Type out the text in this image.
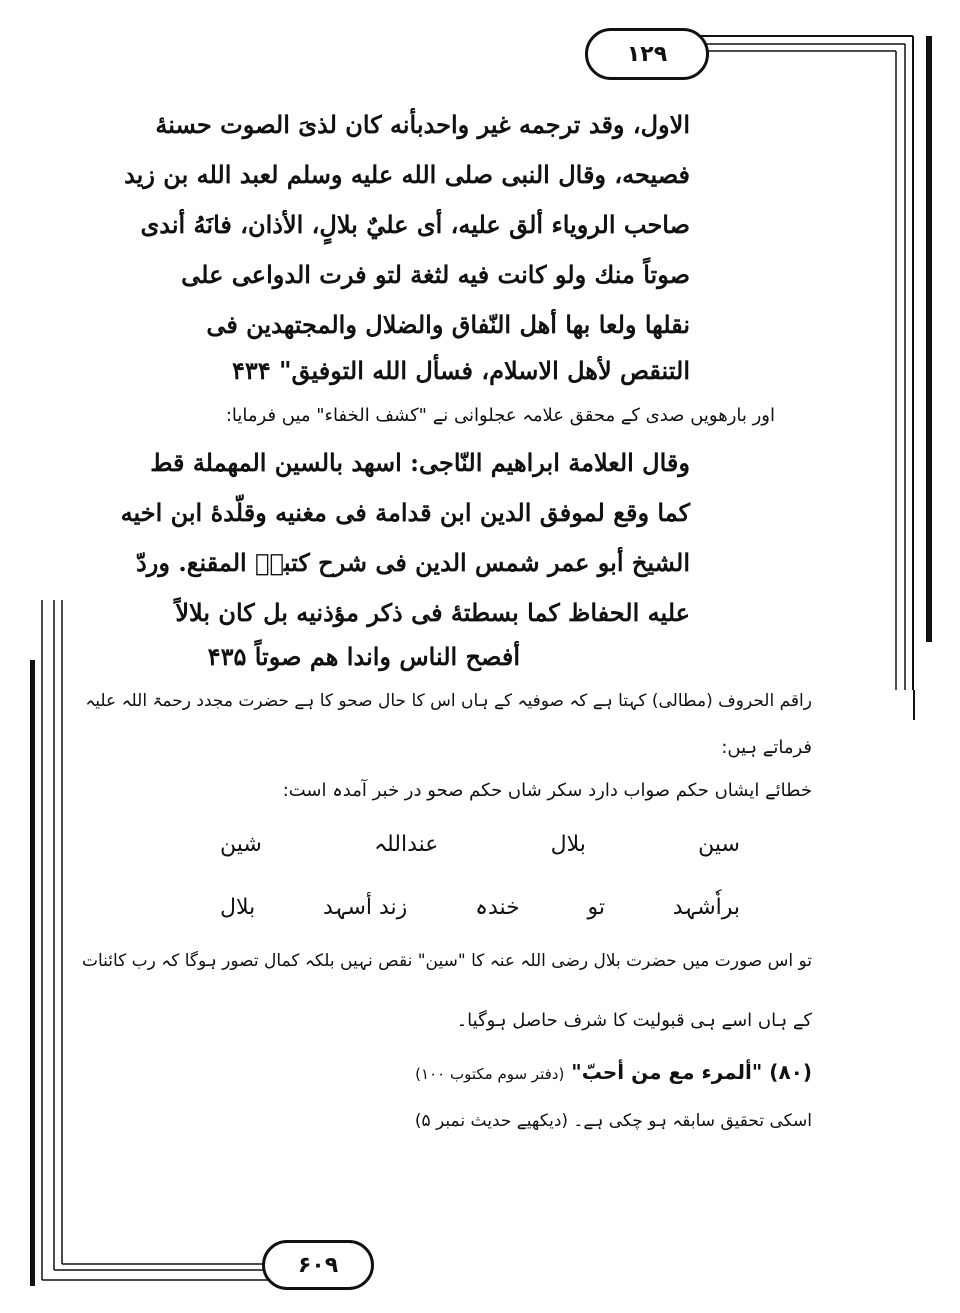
۱۲۹
الاول، وقد ترجمه غير واحدبأنه كان لذىَ الصوت حسنهٔ
فصيحه، وقال النبى صلى الله عليه وسلم لعبد الله بن زيد
صاحب الروياء ألق عليه، أى عليٌ بلالٍ، الأذان، فانَهُ أندى
صوتاً منك ولو كانت فيه لثغة لتو فرت الدواعى على
نقلها ولعا بها أهل النّفاق والضلال والمجتهدين فى
التنقص لأهل الاسلام، فسأل الله التوفيق" ۴۳۴
اور بارھویں صدی کے محقق علامہ عجلوانی نے "کشف الخفاء" میں فرمایا:
وقال العلامة ابراهيم النّاجى: اسهد بالسين المهملة قط
كما وقع لموفق الدين ابن قدامة فى مغنيه وقلّدهٔ ابن اخيه
الشيخ أبو عمر شمس الدين فى شرح كتبهٖ المقنع. وردّ
عليه الحفاظ كما بسطتهٔ فى ذكر مؤذنيه بل كان بلالاً
أفصح الناس واندا هم صوتاً ۴۳۵
راقم الحروف (مطالی) کہتا ہے کہ صوفیہ کے ہاں اس کا حال صحو کا ہے حضرت مجدد رحمۃ اللہ علیہ
فرماتے ہیں:
خطائے ایشاں حکم صواب دارد سکر شاں حکم صحو در خبر آمدہ است:
سین
بلال
عنداللہ
شین
براٗشہد
تو
خندہ
زند أسہد
بلال
تو اس صورت میں حضرت بلال رضی اللہ عنہ کا "سین" نقص نہیں بلکہ کمال تصور ہوگا کہ رب کائنات
کے ہاں اسے ہی قبولیت کا شرف حاصل ہوگیا۔
(۸۰) "ألمرء مع من أحبّ" (دفتر سوم مکتوب ۱۰۰)
اسکی تحقیق سابقہ ہو چکی ہے۔ (دیکھیے حدیث نمبر ۵)
۶۰۹
